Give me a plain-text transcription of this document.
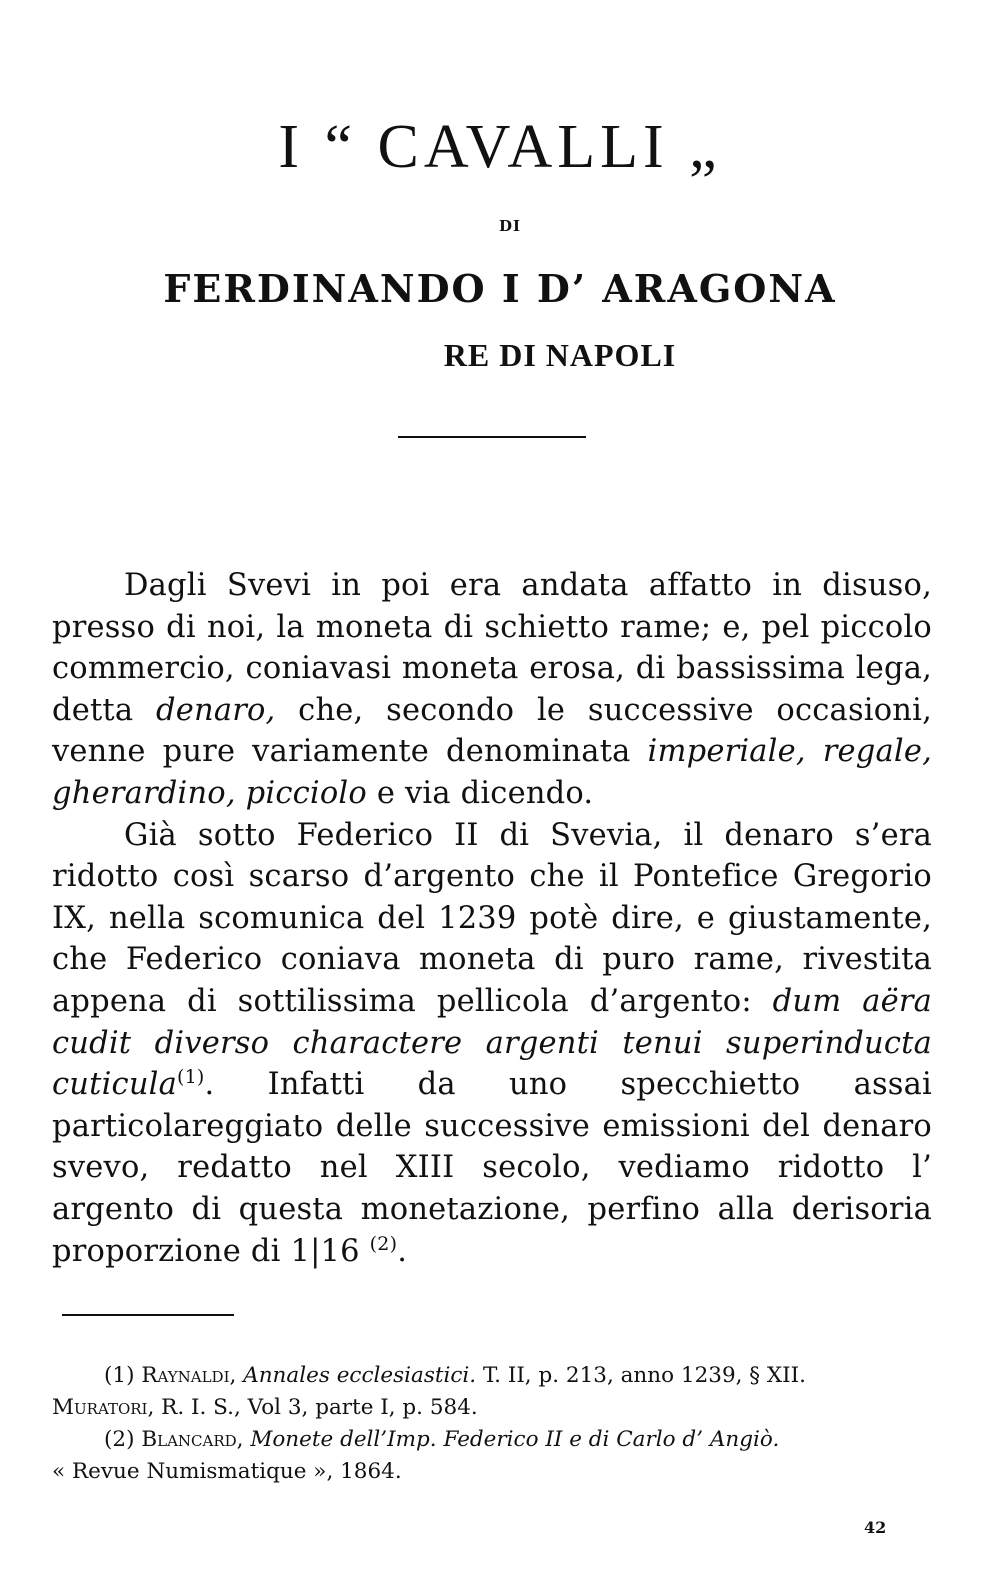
I “ CAVALLI „
DI
FERDINANDO I D’ ARAGONA
RE DI NAPOLI

Dagli Svevi in poi era andata affatto in disuso, presso di noi, la moneta di schietto rame; e, pel piccolo commercio, coniavasi moneta erosa, di bassissima lega, detta denaro, che, secondo le successive occasioni, venne pure variamente denominata imperiale, regale, gherardino, picciolo e via dicendo.

Già sotto Federico II di Svevia, il denaro s’era ridotto così scarso d’argento che il Pontefice Gregorio IX, nella scomunica del 1239 potè dire, e giustamente, che Federico coniava moneta di puro rame, rivestita appena di sottilissima pellicola d’argento: dum aëra cudit diverso charactere argenti tenui superinducta cuticula$^{(1)}$. Infatti da uno specchietto assai particolareggiato delle successive emissioni del denaro svevo, redatto nel XIII secolo, vediamo ridotto l’ argento di questa monetazione, perfino alla derisoria proporzione di 1|16 $^{(2)}$.

(1) Raynaldi, Annales ecclesiastici. T. II, p. 213, anno 1239, § XII.
Muratori, R. I. S., Vol 3, parte I, p. 584.

(2) Blancard, Monete dell’Imp. Federico II e di Carlo d’ Angiò.
« Revue Numismatique », 1864.

42
